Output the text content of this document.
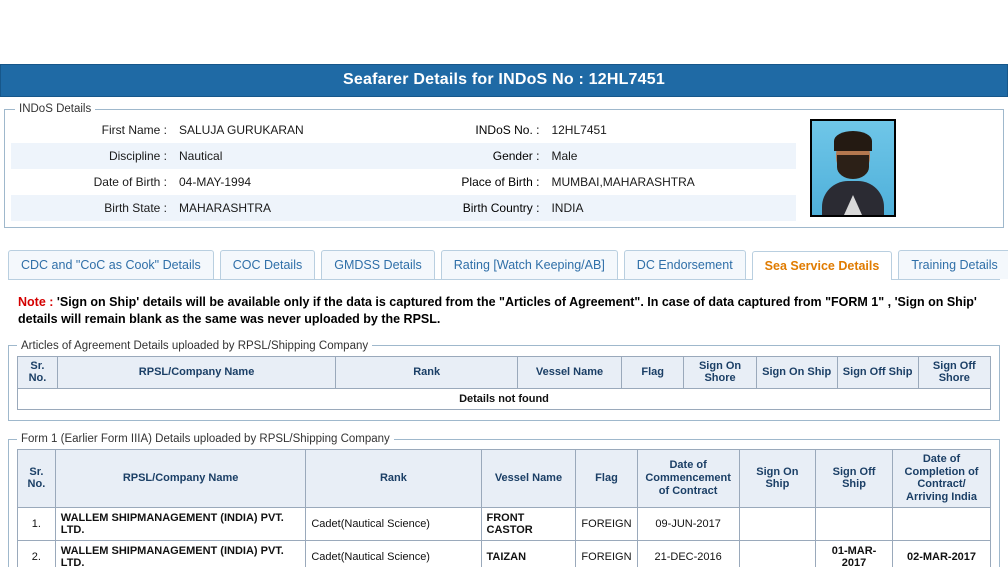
Seafarer Details for INDoS No : 12HL7451
INDoS Details
First Name :	SALUJA GURUKARAN	INDoS No. :	12HL7451
Discipline :	Nautical	Gender :	Male
Date of Birth :	04-MAY-1994	Place of Birth :	MUMBAI,MAHARASHTRA
Birth State :	MAHARASHTRA	Birth Country :	INDIA
CDC and "CoC as Cook" Details	COC Details	GMDSS Details	Rating [Watch Keeping/AB]	DC Endorsement	Sea Service Details	Training Details
Note : 'Sign on Ship' details will be available only if the data is captured from the "Articles of Agreement". In case of data captured from "FORM 1" , 'Sign on Ship' details will remain blank as the same was never uploaded by the RPSL.
Articles of Agreement Details uploaded by RPSL/Shipping Company
Sr. No.	RPSL/Company Name	Rank	Vessel Name	Flag	Sign On Shore	Sign On Ship	Sign Off Ship	Sign Off Shore
Details not found
Form 1 (Earlier Form IIIA) Details uploaded by RPSL/Shipping Company
Sr. No.	RPSL/Company Name	Rank	Vessel Name	Flag	Date of Commencement of Contract	Sign On Ship	Sign Off Ship	Date of Completion of Contract/ Arriving India
1.	WALLEM SHIPMANAGEMENT (INDIA) PVT. LTD.	Cadet(Nautical Science)	FRONT CASTOR	FOREIGN	09-JUN-2017			
2.	WALLEM SHIPMANAGEMENT (INDIA) PVT. LTD.	Cadet(Nautical Science)	TAIZAN	FOREIGN	21-DEC-2016		01-MAR-2017	02-MAR-2017
